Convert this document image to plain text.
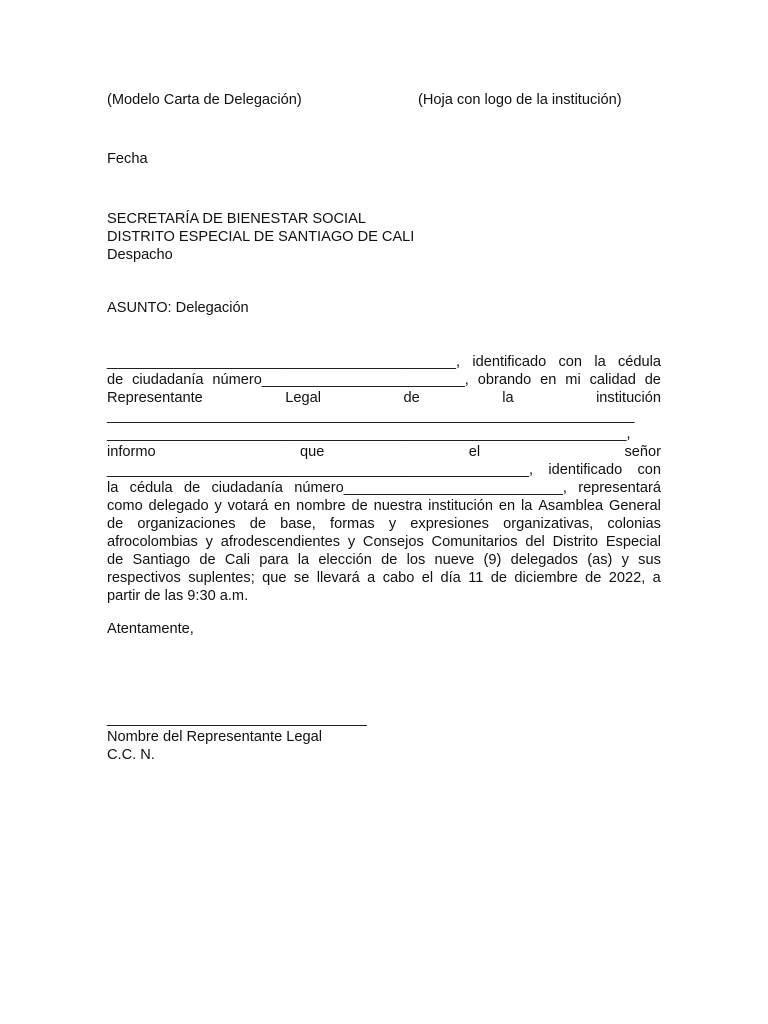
(Modelo Carta de Delegación)	(Hoja con logo de la institución)
Fecha
SECRETARÍA DE BIENESTAR SOCIAL
DISTRITO ESPECIAL DE SANTIAGO DE CALI
Despacho
ASUNTO: Delegación
___________________________________________, identificado con la cédula
de ciudadanía número_________________________, obrando en mi calidad de
Representante	Legal	de	la	institución
_________________________________________________________________
________________________________________________________________,
informo	que	el	señor
____________________________________________________, identificado con
la cédula de ciudadanía número___________________________, representará
como delegado y votará en nombre de nuestra institución en la Asamblea General
de organizaciones de base, formas y expresiones organizativas, colonias
afrocolombias y afrodescendientes y Consejos Comunitarios del Distrito Especial
de Santiago de Cali para la elección de los nueve (9) delegados (as) y sus
respectivos suplentes; que se llevará a cabo el día 11 de diciembre de 2022, a
partir de las 9:30 a.m.
Atentamente,
________________________________
Nombre del Representante Legal
C.C. N.
